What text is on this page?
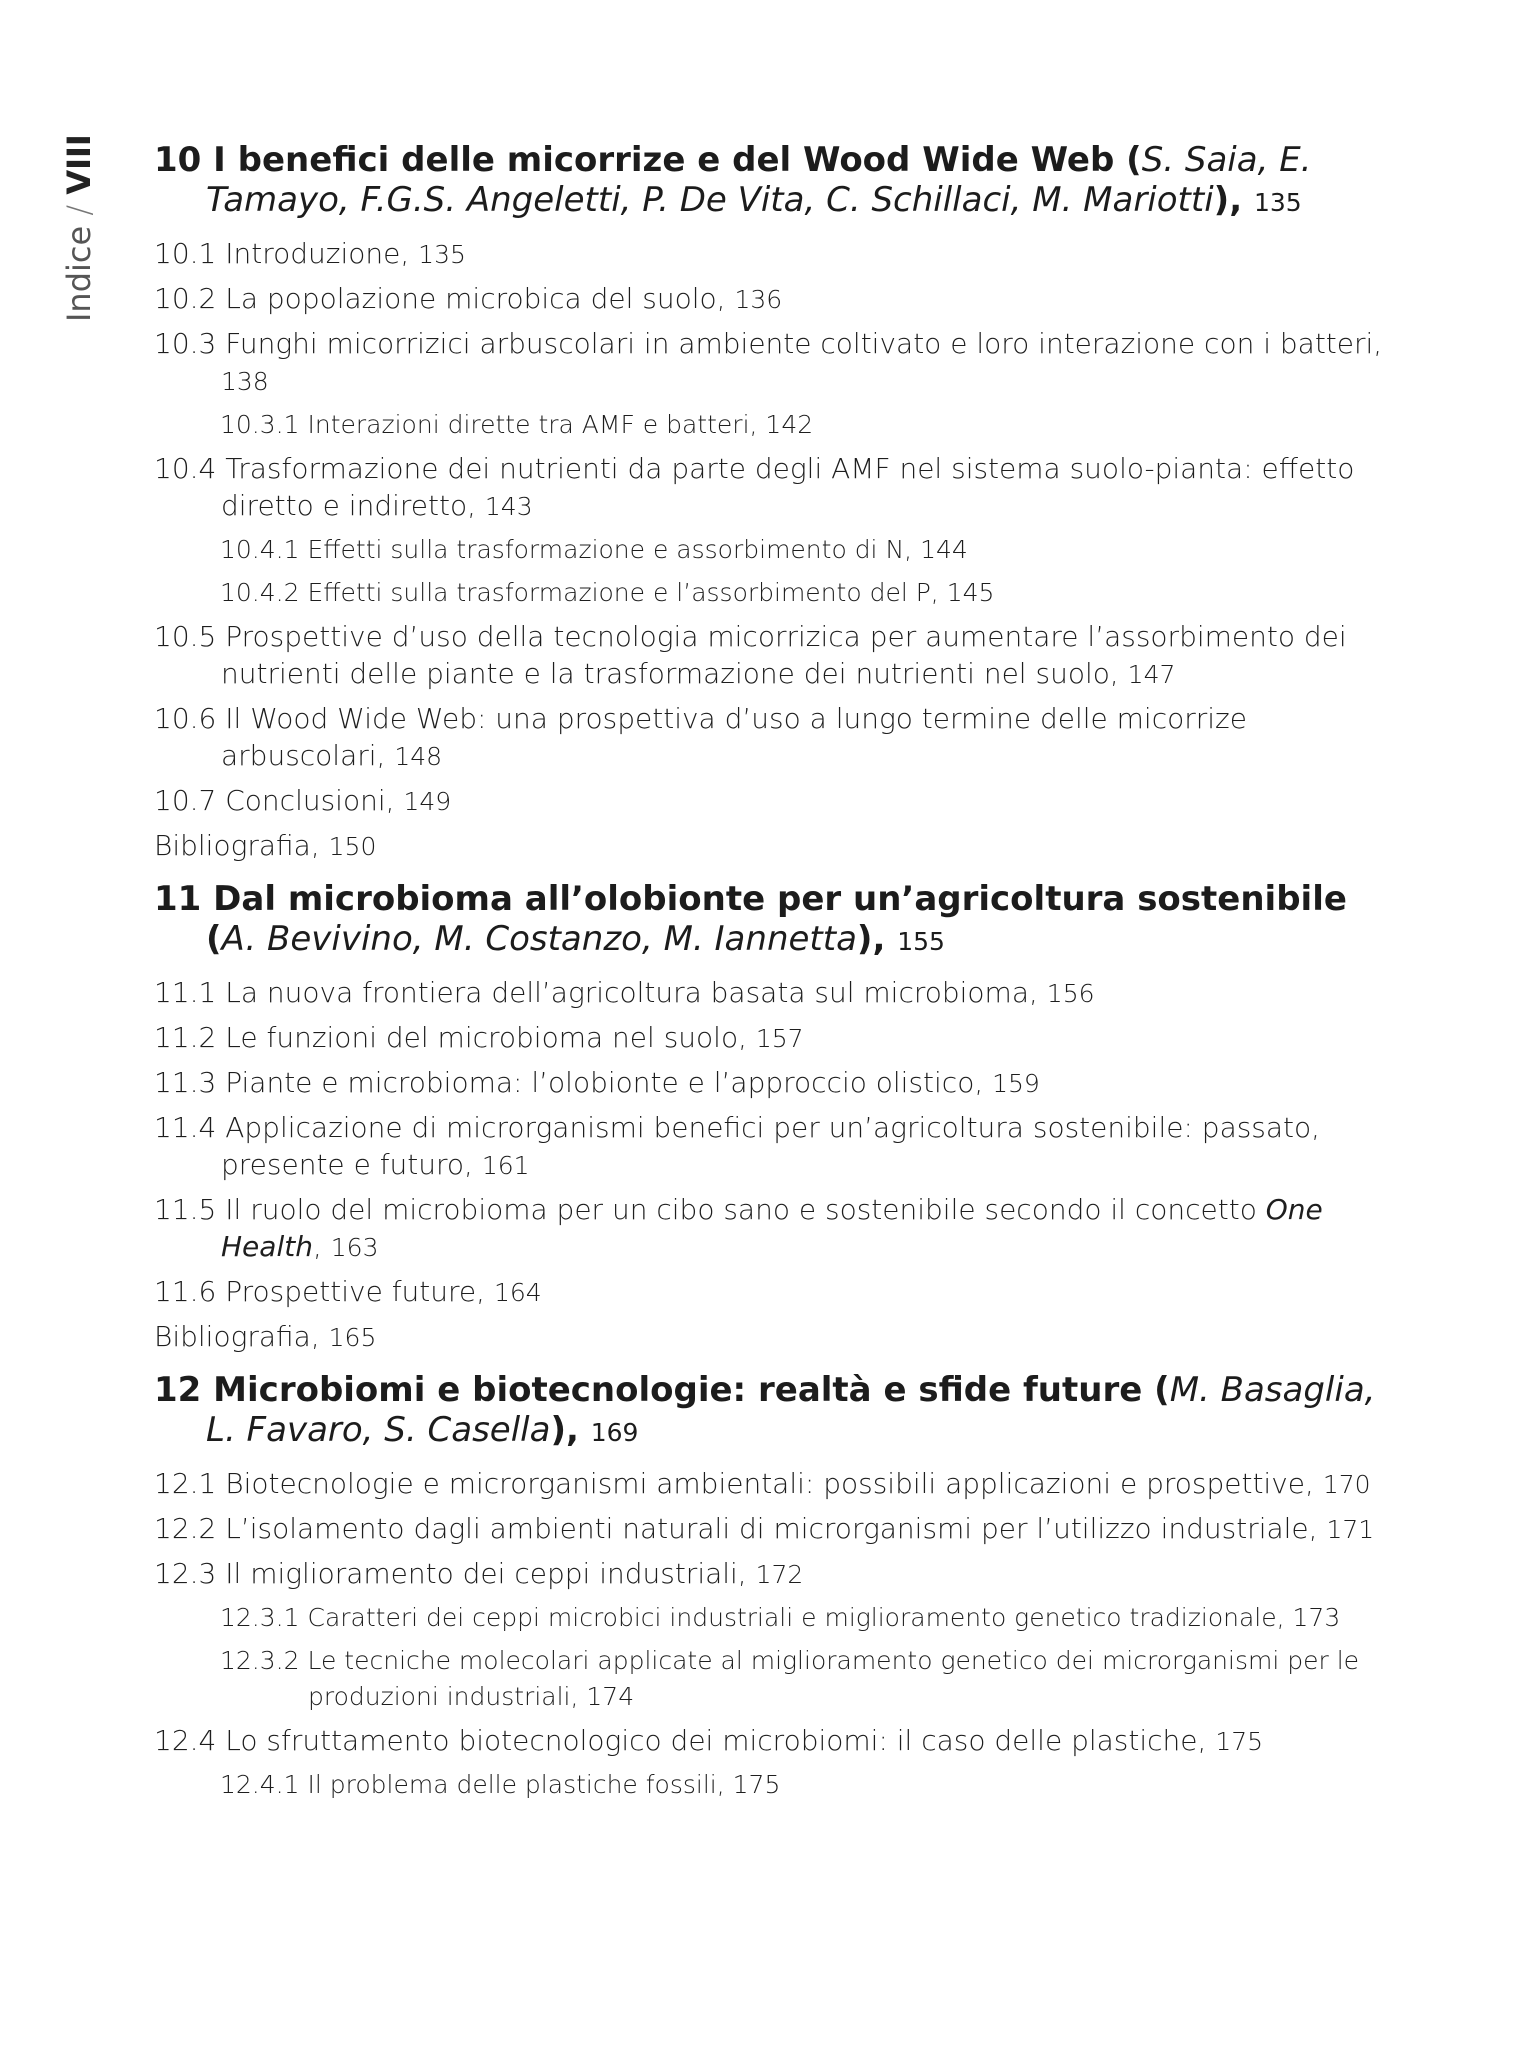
Indice / VIII 10 I benefici delle micorrize e del Wood Wide Web (S. Saia, E. Tamayo, F.G.S. Angeletti, P. De Vita, C. Schillaci, M. Mariotti), 135
10.1 Introduzione, 135
10.2 La popolazione microbica del suolo, 136
10.3 Funghi micorrizici arbuscolari in ambiente coltivato e loro interazione con i batteri, 138
10.3.1 Interazioni dirette tra AMF e batteri, 142
10.4 Trasformazione dei nutrienti da parte degli AMF nel sistema suolo-pianta: effetto diretto e indiretto, 143
10.4.1 Effetti sulla trasformazione e assorbimento di N, 144
10.4.2 Effetti sulla trasformazione e l’assorbimento del P, 145
10.5 Prospettive d’uso della tecnologia micorrizica per aumentare l’assorbimento dei nutrienti delle piante e la trasformazione dei nutrienti nel suolo, 147
10.6 Il Wood Wide Web: una prospettiva d’uso a lungo termine delle micorrize arbuscolari, 148
10.7 Conclusioni, 149
Bibliografia, 150
11 Dal microbioma all’olobionte per un’agricoltura sostenibile (A. Bevivino, M. Costanzo, M. Iannetta), 155
11.1 La nuova frontiera dell’agricoltura basata sul microbioma, 156
11.2 Le funzioni del microbioma nel suolo, 157
11.3 Piante e microbioma: l’olobionte e l’approccio olistico, 159
11.4 Applicazione di microrganismi benefici per un’agricoltura sostenibile: passato, presente e futuro, 161
11.5 Il ruolo del microbioma per un cibo sano e sostenibile secondo il concetto One Health, 163
11.6 Prospettive future, 164
Bibliografia, 165
12 Microbiomi e biotecnologie: realtà e sfide future (M. Basaglia, L. Favaro, S. Casella), 169
12.1 Biotecnologie e microrganismi ambientali: possibili applicazioni e prospettive, 170
12.2 L’isolamento dagli ambienti naturali di microrganismi per l’utilizzo industriale, 171
12.3 Il miglioramento dei ceppi industriali, 172
12.3.1 Caratteri dei ceppi microbici industriali e miglioramento genetico tradizionale, 173
12.3.2 Le tecniche molecolari applicate al miglioramento genetico dei microrganismi per le produzioni industriali, 174
12.4 Lo sfruttamento biotecnologico dei microbiomi: il caso delle plastiche, 175
12.4.1 Il problema delle plastiche fossili, 175
